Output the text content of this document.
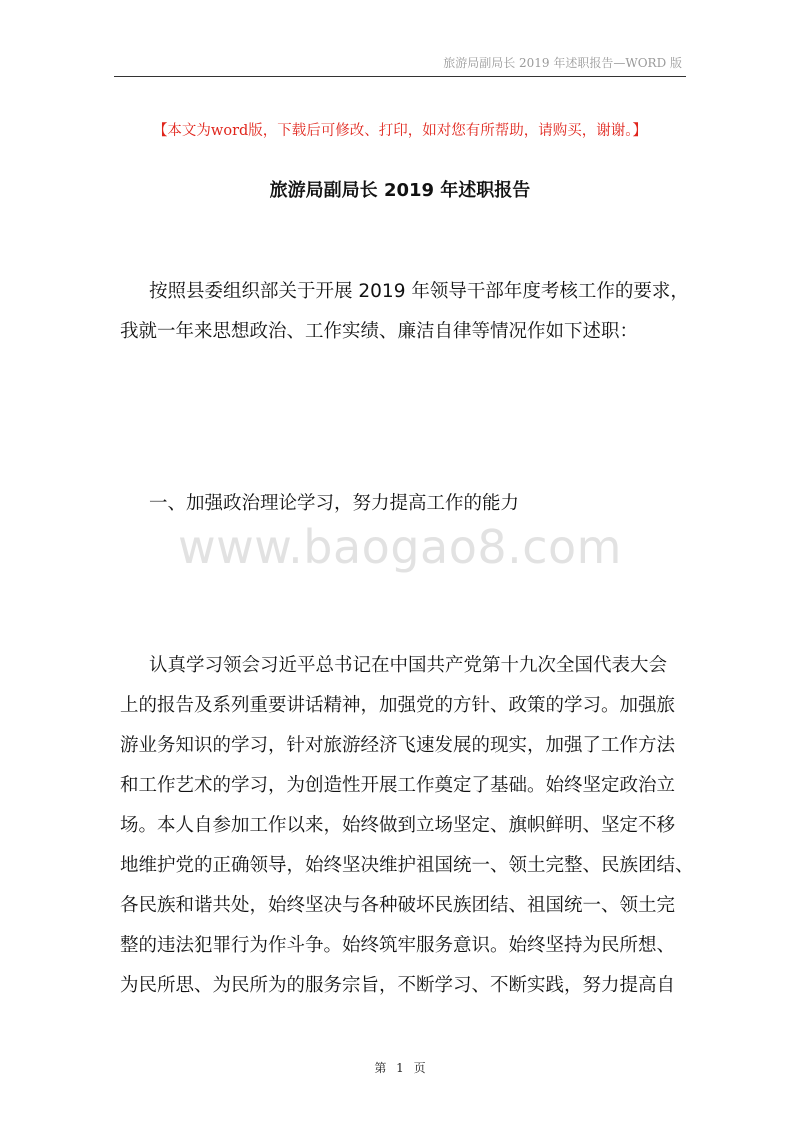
旅游局副局长 2019 年述职报告—WORD 版
【本文为word版，下载后可修改、打印，如对您有所帮助，请购买，谢谢。】
旅游局副局长 2019 年述职报告
按照县委组织部关于开展 2019 年领导干部年度考核工作的要求，
我就一年来思想政治、工作实绩、廉洁自律等情况作如下述职：
一、加强政治理论学习，努力提高工作的能力
www.baogao8.com
认真学习领会习近平总书记在中国共产党第十九次全国代表大会
上的报告及系列重要讲话精神，加强党的方针、政策的学习。加强旅
游业务知识的学习，针对旅游经济飞速发展的现实，加强了工作方法
和工作艺术的学习，为创造性开展工作奠定了基础。始终坚定政治立
场。本人自参加工作以来，始终做到立场坚定、旗帜鲜明、坚定不移
地维护党的正确领导，始终坚决维护祖国统一、领土完整、民族团结、
各民族和谐共处，始终坚决与各种破坏民族团结、祖国统一、领土完
整的违法犯罪行为作斗争。始终筑牢服务意识。始终坚持为民所想、
为民所思、为民所为的服务宗旨，不断学习、不断实践，努力提高自
第 1 页
